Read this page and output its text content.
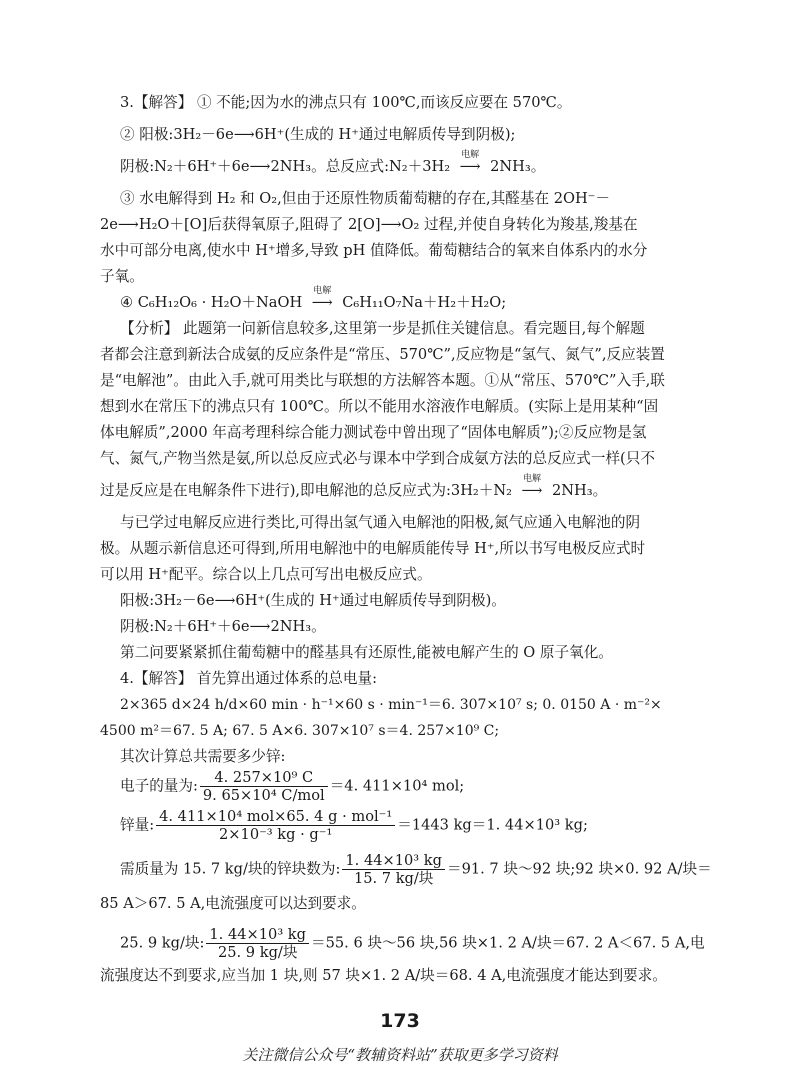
3.【解答】 ① 不能;因为水的沸点只有 100℃,而该反应要在 570℃。
② 阳极:3H₂－6e⟶6H⁺(生成的 H⁺通过电解质传导到阴极);
阴极:N₂＋6H⁺＋6e⟶2NH₃。总反应式:N₂＋3H₂
电解
⟶ 2NH₃。
③ 水电解得到 H₂ 和 O₂,但由于还原性物质葡萄糖的存在,其醛基在 2OH⁻－
2e⟶H₂O＋[O]后获得氧原子,阻碍了 2[O]⟶O₂ 过程,并使自身转化为羧基,羧基在
水中可部分电离,使水中 H⁺增多,导致 pH 值降低。葡萄糖结合的氧来自体系内的水分
子氧。
④ C₆H₁₂O₆ · H₂O＋NaOH
电解
⟶ C₆H₁₁O₇Na＋H₂＋H₂O;
【分析】 此题第一问新信息较多,这里第一步是抓住关键信息。看完题目,每个解题
者都会注意到新法合成氨的反应条件是“常压、570℃”,反应物是“氢气、氮气”,反应装置
是“电解池”。由此入手,就可用类比与联想的方法解答本题。①从“常压、570℃”入手,联
想到水在常压下的沸点只有 100℃。所以不能用水溶液作电解质。(实际上是用某种“固
体电解质”,2000 年高考理科综合能力测试卷中曾出现了“固体电解质”);②反应物是氢
气、氮气,产物当然是氨,所以总反应式必与课本中学到合成氨方法的总反应式一样(只不
过是反应是在电解条件下进行),即电解池的总反应式为:3H₂＋N₂
电解
⟶ 2NH₃。
与已学过电解反应进行类比,可得出氢气通入电解池的阳极,氮气应通入电解池的阴
极。从题示新信息还可得到,所用电解池中的电解质能传导 H⁺,所以书写电极反应式时
可以用 H⁺配平。综合以上几点可写出电极反应式。
阳极:3H₂－6e⟶6H⁺(生成的 H⁺通过电解质传导到阴极)。
阴极:N₂＋6H⁺＋6e⟶2NH₃。
第二问要紧紧抓住葡萄糖中的醛基具有还原性,能被电解产生的 O 原子氧化。
4.【解答】 首先算出通过体系的总电量:
2×365 d×24 h/d×60 min · h⁻¹×60 s · min⁻¹＝6. 307×10⁷ s; 0. 0150 A · m⁻²×
4500 m²＝67. 5 A; 67. 5 A×6. 307×10⁷ s＝4. 257×10⁹ C;
其次计算总共需要多少锌:
电子的量为: $\frac{\text{4. 257×10⁹ C}}{\text{9. 65×10⁴ C/mol}} =4$. 411×10⁴ mol;
锌量: $\frac{\text{4. 411×10⁴ mol×65. 4 g · mol⁻¹}}{\text{2×10⁻³ kg · g⁻¹}} =1443$ kg＝1. 44×10³ kg;
需质量为 15. 7 kg/块的锌块数为: $\frac{\text{1. 44×10³ kg}}{\text{15. 7 kg/块}} =91$. 7 块～92 块;92 块×0. 92 A/块＝
85 A＞67. 5 A,电流强度可以达到要求。
25. 9 kg/块: $\frac{\text{1. 44×10³ kg}}{\text{25. 9 kg/块}} =55$. 6 块～56 块,56 块×1. 2 A/块＝67. 2 A＜67. 5 A,电
流强度达不到要求,应当加 1 块,则 57 块×1. 2 A/块＝68. 4 A,电流强度才能达到要求。
173
关注微信公众号“教辅资料站”获取更多学习资料
